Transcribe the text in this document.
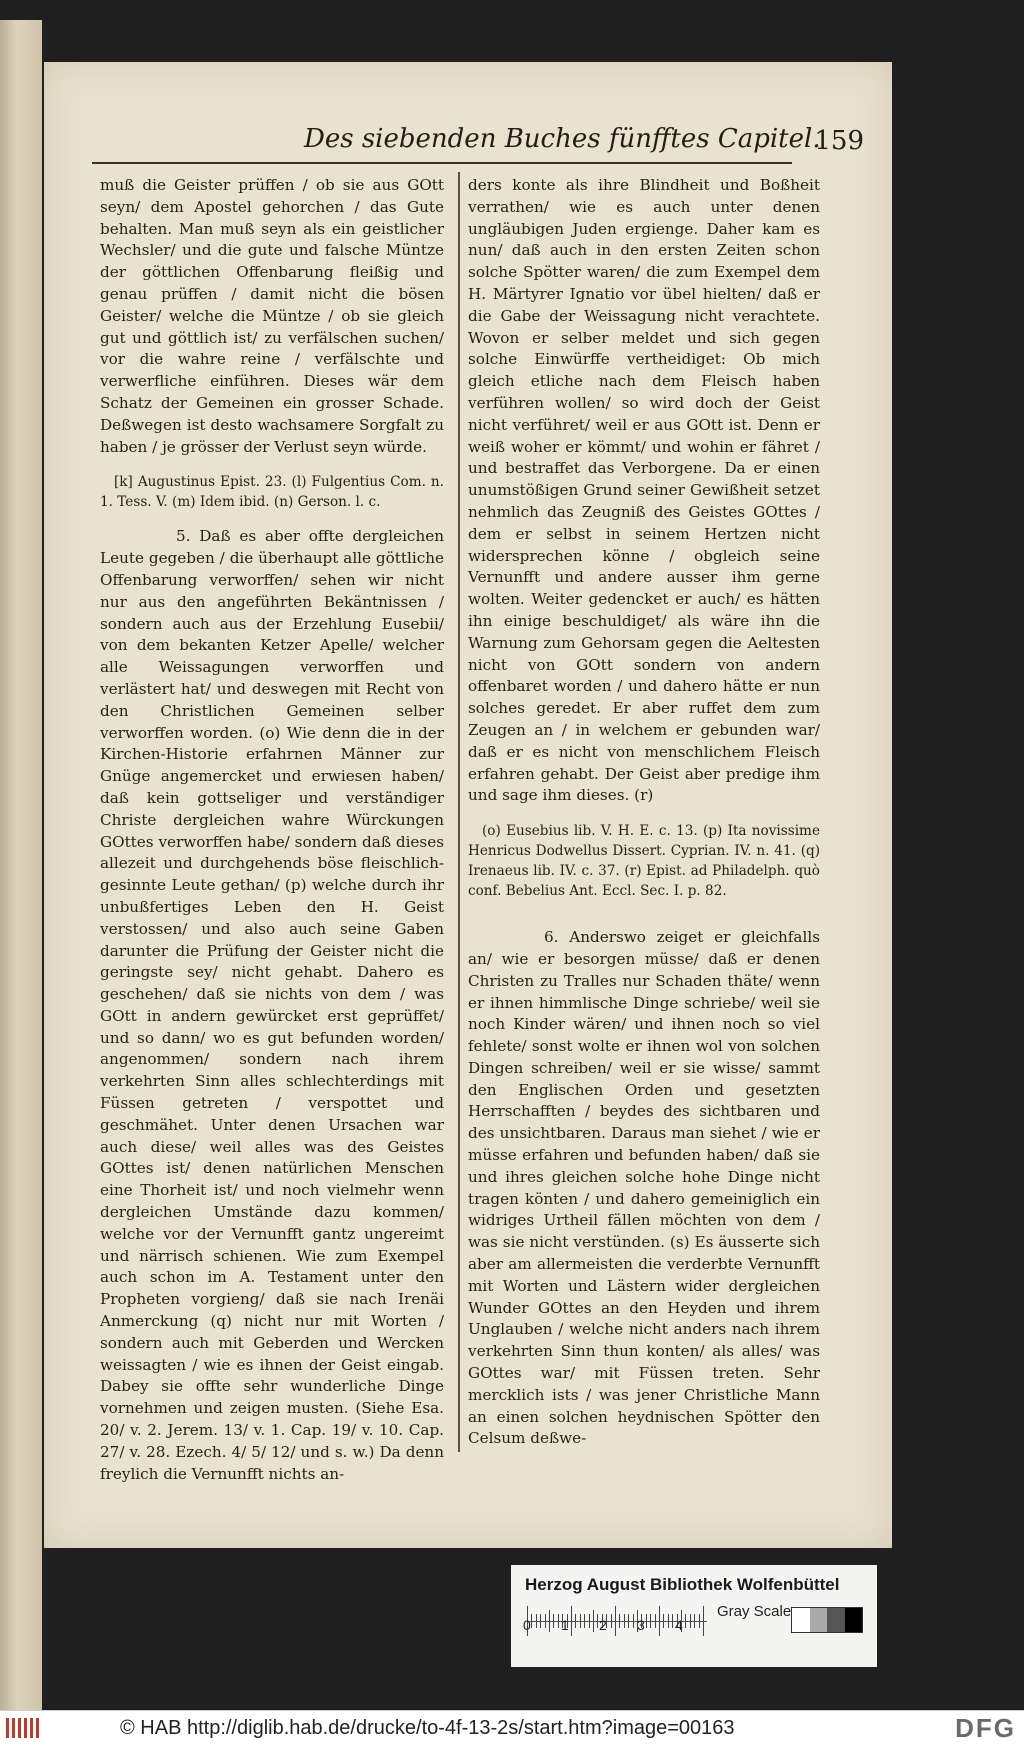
Des siebenden Buches fünfftes Capitel.
159

muß die Geister prüffen / ob sie aus GOtt seyn/ dem Apostel gehorchen / das Gute behalten. Man muß seyn als ein geistlicher Wechsler/ und die gute und falsche Müntze der göttlichen Offenbarung fleißig und genau prüffen / damit nicht die bösen Geister/ welche die Müntze / ob sie gleich gut und göttlich ist/ zu verfälschen suchen/ vor die wahre reine / verfälschte und verwerfliche einführen. Dieses wär dem Schatz der Gemeinen ein grosser Schade. Deßwegen ist desto wachsamere Sorgfalt zu haben / je grösser der Verlust seyn würde.

[k] Augustinus Epist. 23. (l) Fulgentius Com. n. 1. Tess. V. (m) Idem ibid. (n) Gerson. l. c.

5. Daß es aber offte dergleichen Leute gegeben / die überhaupt alle göttliche Offenbarung verworffen/ sehen wir nicht nur aus den angeführten Bekäntnissen / sondern auch aus der Erzehlung Eusebii/ von dem bekanten Ketzer Apelle/ welcher alle Weissagungen verworffen und verlästert hat/ und deswegen mit Recht von den Christlichen Gemeinen selber verworffen worden. (o) Wie denn die in der Kirchen-Historie erfahrnen Männer zur Gnüge angemercket und erwiesen haben/ daß kein gottseliger und verständiger Christe dergleichen wahre Würckungen GOttes verworffen habe/ sondern daß dieses allezeit und durchgehends böse fleischlich-gesinnte Leute gethan/ (p) welche durch ihr unbußfertiges Leben den H. Geist verstossen/ und also auch seine Gaben darunter die Prüfung der Geister nicht die geringste sey/ nicht gehabt. Dahero es geschehen/ daß sie nichts von dem / was GOtt in andern gewürcket erst geprüffet/ und so dann/ wo es gut befunden worden/ angenommen/ sondern nach ihrem verkehrten Sinn alles schlechterdings mit Füssen getreten / verspottet und geschmähet. Unter denen Ursachen war auch diese/ weil alles was des Geistes GOttes ist/ denen natürlichen Menschen eine Thorheit ist/ und noch vielmehr wenn dergleichen Umstände dazu kommen/ welche vor der Vernunfft gantz ungereimt und närrisch schienen. Wie zum Exempel auch schon im A. Testament unter den Propheten vorgieng/ daß sie nach Irenäi Anmerckung (q) nicht nur mit Worten / sondern auch mit Geberden und Wercken weissagten / wie es ihnen der Geist eingab. Dabey sie offte sehr wunderliche Dinge vornehmen und zeigen musten. (Siehe Esa. 20/ v. 2. Jerem. 13/ v. 1. Cap. 19/ v. 10. Cap. 27/ v. 28. Ezech. 4/ 5/ 12/ und s. w.) Da denn freylich die Vernunfft nichts an-

ders konte als ihre Blindheit und Boßheit verrathen/ wie es auch unter denen ungläubigen Juden ergienge. Daher kam es nun/ daß auch in den ersten Zeiten schon solche Spötter waren/ die zum Exempel dem H. Märtyrer Ignatio vor übel hielten/ daß er die Gabe der Weissagung nicht verachtete. Wovon er selber meldet und sich gegen solche Einwürffe vertheidiget: Ob mich gleich etliche nach dem Fleisch haben verführen wollen/ so wird doch der Geist nicht verführet/ weil er aus GOtt ist. Denn er weiß woher er kömmt/ und wohin er fähret / und bestraffet das Verborgene. Da er einen unumstößigen Grund seiner Gewißheit setzet nehmlich das Zeugniß des Geistes GOttes / dem er selbst in seinem Hertzen nicht widersprechen könne / obgleich seine Vernunfft und andere ausser ihm gerne wolten. Weiter gedencket er auch/ es hätten ihn einige beschuldiget/ als wäre ihn die Warnung zum Gehorsam gegen die Aeltesten nicht von GOtt sondern von andern offenbaret worden / und dahero hätte er nun solches geredet. Er aber ruffet dem zum Zeugen an / in welchem er gebunden war/ daß er es nicht von menschlichem Fleisch erfahren gehabt. Der Geist aber predige ihm und sage ihm dieses. (r)

(o) Eusebius lib. V. H. E. c. 13. (p) Ita novissime Henricus Dodwellus Dissert. Cyprian. IV. n. 41. (q) Irenaeus lib. IV. c. 37. (r) Epist. ad Philadelph. quò conf. Bebelius Ant. Eccl. Sec. I. p. 82.

6. Anderswo zeiget er gleichfalls an/ wie er besorgen müsse/ daß er denen Christen zu Tralles nur Schaden thäte/ wenn er ihnen himmlische Dinge schriebe/ weil sie noch Kinder wären/ und ihnen noch so viel fehlete/ sonst wolte er ihnen wol von solchen Dingen schreiben/ weil er sie wisse/ sammt den Englischen Orden und gesetzten Herrschafften / beydes des sichtbaren und des unsichtbaren. Daraus man siehet / wie er müsse erfahren und befunden haben/ daß sie und ihres gleichen solche hohe Dinge nicht tragen könten / und dahero gemeiniglich ein widriges Urtheil fällen möchten von dem / was sie nicht verstünden. (s) Es äusserte sich aber am allermeisten die verderbte Vernunfft mit Worten und Lästern wider dergleichen Wunder GOttes an den Heyden und ihrem Unglauben / welche nicht anders nach ihrem verkehrten Sinn thun konten/ als alles/ was GOttes war/ mit Füssen treten. Sehr mercklich ists / was jener Christliche Mann an einen solchen heydnischen Spötter den Celsum deßwe-

Herzog August Bibliothek Wolfenbüttel
0 1 2 3 4
Gray Scale
© HAB http://diglib.hab.de/drucke/to-4f-13-2s/start.htm?image=00163	DFG
